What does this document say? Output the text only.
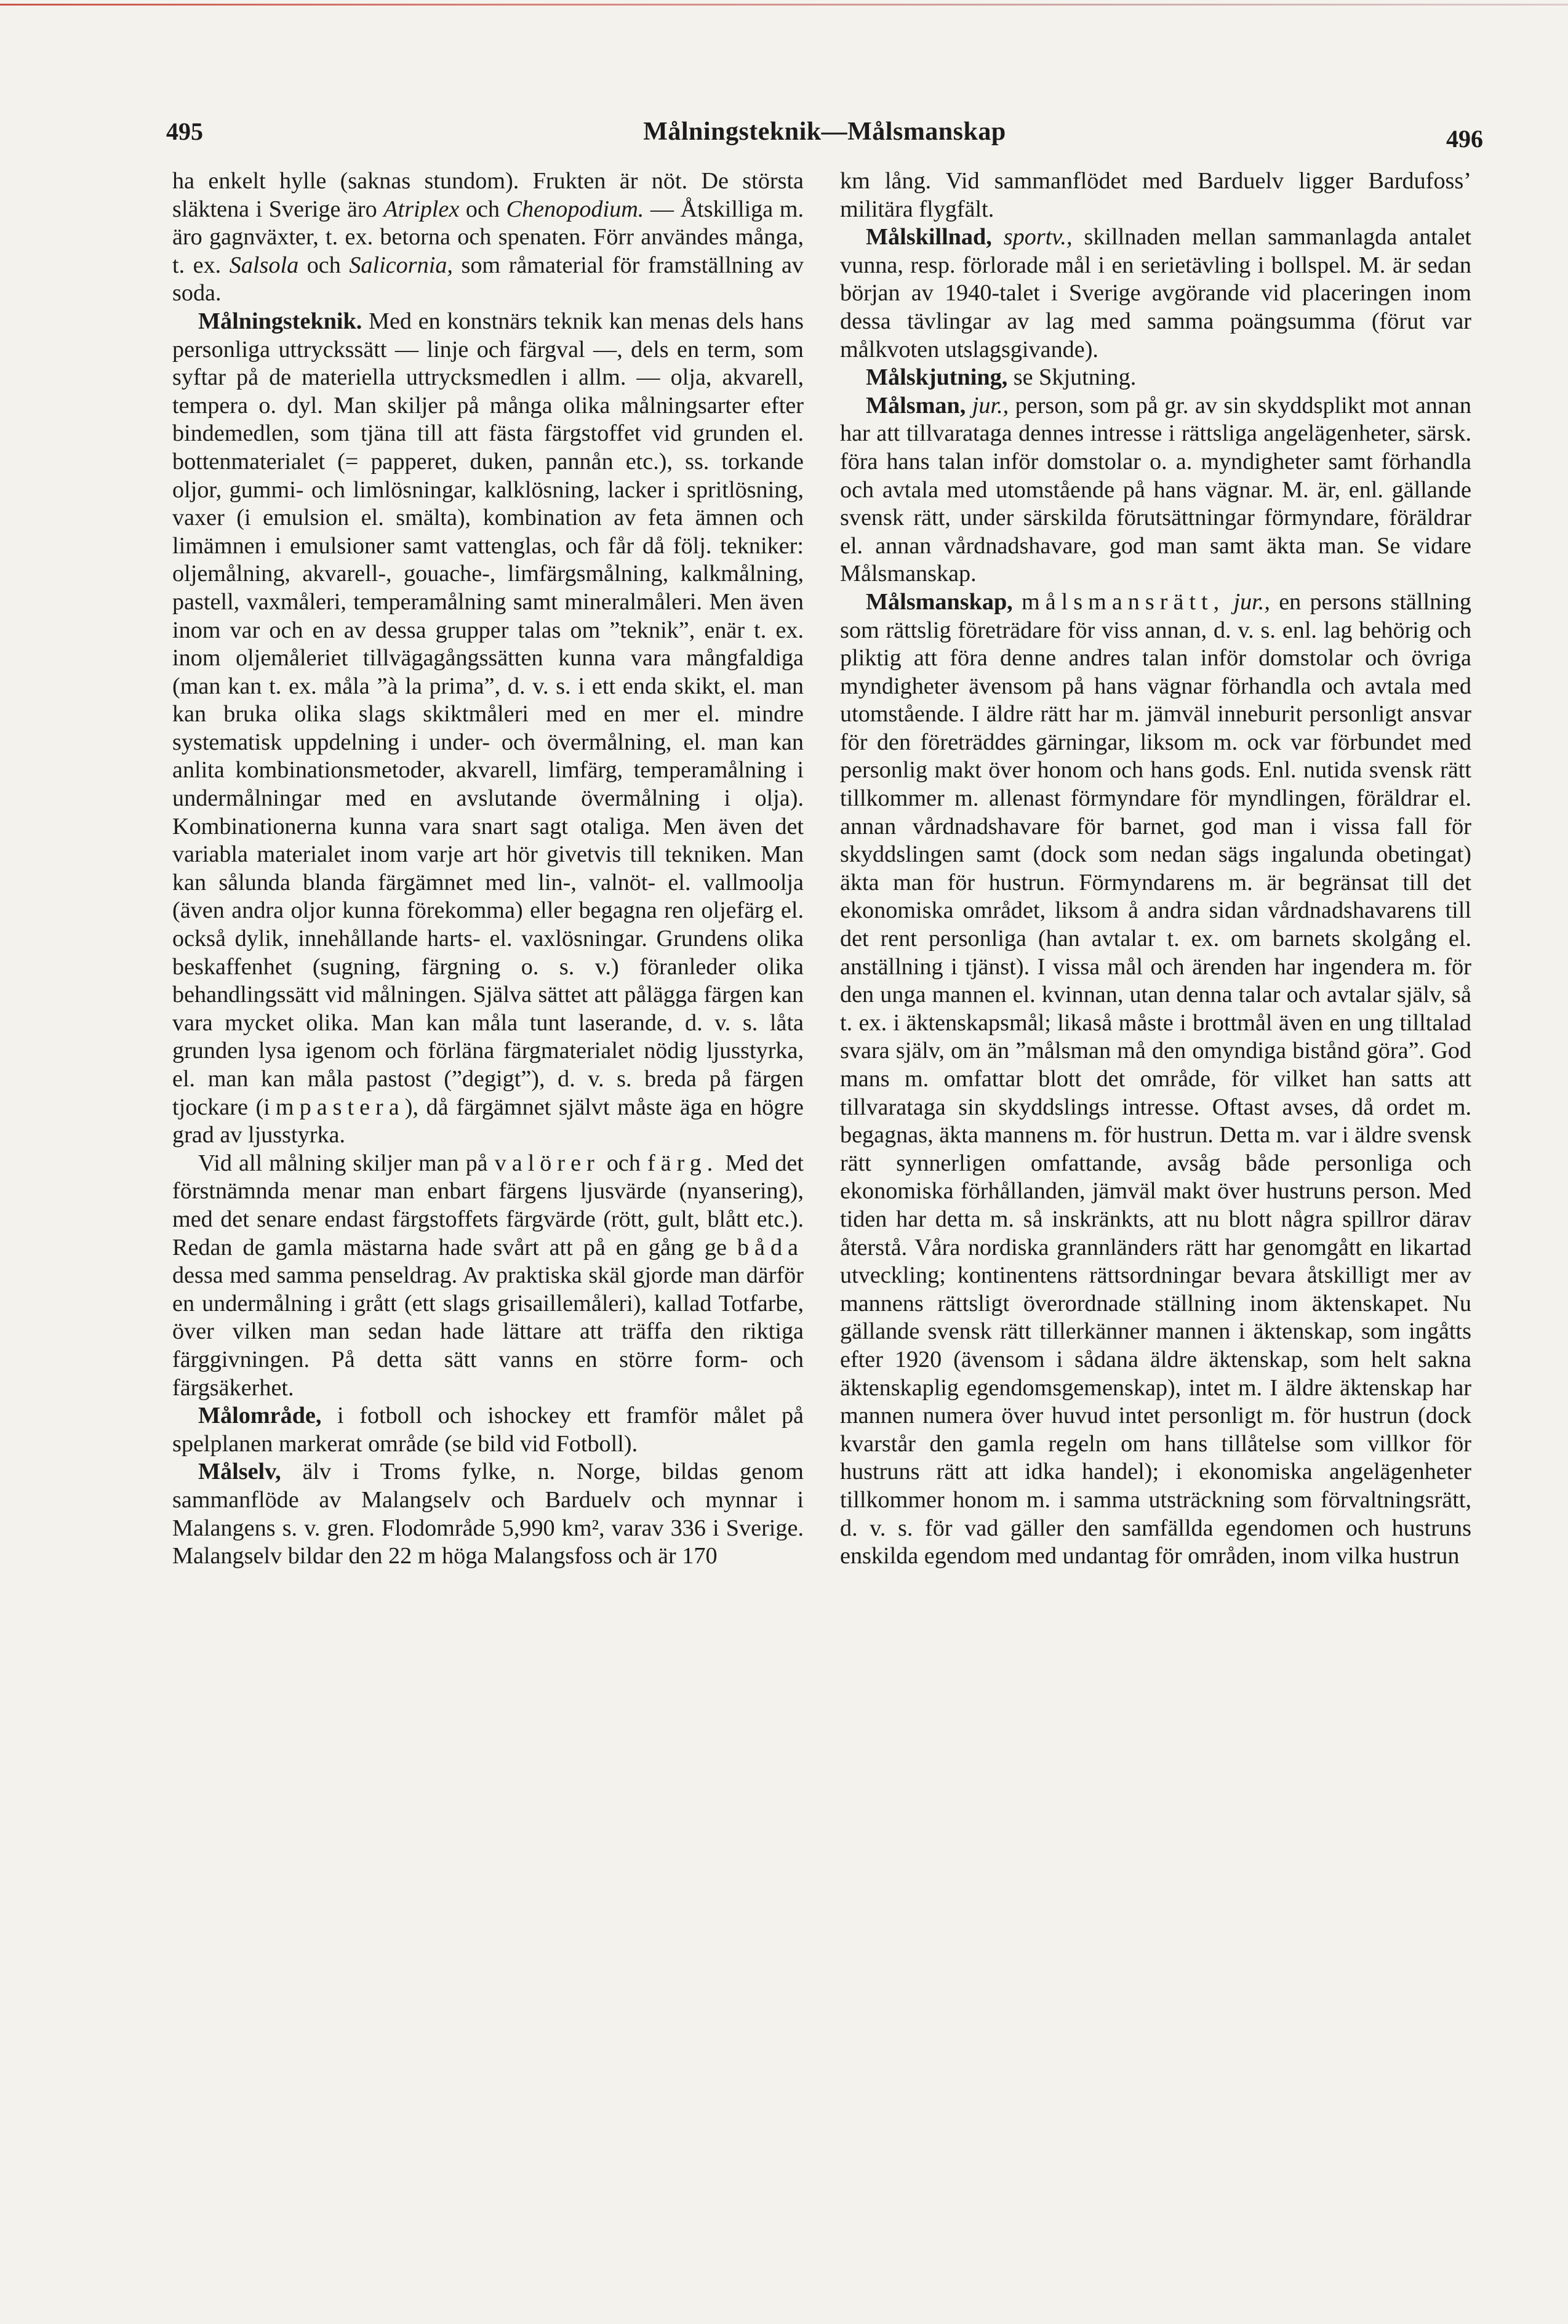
495	Målningsteknik—Målsmanskap	496

ha enkelt hylle (saknas stundom). Frukten är nöt. De största släktena i Sverige äro Atriplex och Chenopodium. — Åtskilliga m. äro gagnväxter, t. ex. betorna och spenaten. Förr användes många, t. ex. Salsola och Salicornia, som råmaterial för framställning av soda.

Målningsteknik. Med en konstnärs teknik kan menas dels hans personliga uttryckssätt — linje och färgval —, dels en term, som syftar på de materiella uttrycksmedlen i allm. — olja, akvarell, tempera o. dyl. Man skiljer på många olika målningsarter efter bindemedlen, som tjäna till att fästa färgstoffet vid grunden el. bottenmaterialet (= papperet, duken, pannån etc.), ss. torkande oljor, gummi- och limlösningar, kalklösning, lacker i spritlösning, vaxer (i emulsion el. smälta), kombination av feta ämnen och limämnen i emulsioner samt vattenglas, och får då följ. tekniker: oljemålning, akvarell-, gouache-, limfärgsmålning, kalkmålning, pastell, vaxmåleri, temperamålning samt mineralmåleri. Men även inom var och en av dessa grupper talas om ”teknik”, enär t. ex. inom oljemåleriet tillvägagångssätten kunna vara mångfaldiga (man kan t. ex. måla ”à la prima”, d. v. s. i ett enda skikt, el. man kan bruka olika slags skiktmåleri med en mer el. mindre systematisk uppdelning i under- och övermålning, el. man kan anlita kombinationsmetoder, akvarell, limfärg, temperamålning i undermålningar med en avslutande övermålning i olja). Kombinationerna kunna vara snart sagt otaliga. Men även det variabla materialet inom varje art hör givetvis till tekniken. Man kan sålunda blanda färgämnet med lin-, valnöt- el. vallmoolja (även andra oljor kunna förekomma) eller begagna ren oljefärg el. också dylik, innehållande harts- el. vaxlösningar. Grundens olika beskaffenhet (sugning, färgning o. s. v.) föranleder olika behandlingssätt vid målningen. Själva sättet att pålägga färgen kan vara mycket olika. Man kan måla tunt laserande, d. v. s. låta grunden lysa igenom och förläna färgmaterialet nödig ljusstyrka, el. man kan måla pastost (”degigt”), d. v. s. breda på färgen tjockare (impastera), då färgämnet självt måste äga en högre grad av ljusstyrka.

Vid all målning skiljer man på valörer och färg. Med det förstnämnda menar man enbart färgens ljusvärde (nyansering), med det senare endast färgstoffets färgvärde (rött, gult, blått etc.). Redan de gamla mästarna hade svårt att på en gång ge båda dessa med samma penseldrag. Av praktiska skäl gjorde man därför en undermålning i grått (ett slags grisaillemåleri), kallad Totfarbe, över vilken man sedan hade lättare att träffa den riktiga färggivningen. På detta sätt vanns en större form- och färgsäkerhet.

Målområde, i fotboll och ishockey ett framför målet på spelplanen markerat område (se bild vid Fotboll).

Målselv, älv i Troms fylke, n. Norge, bildas genom sammanflöde av Malangselv och Barduelv och mynnar i Malangens s. v. gren. Flodområde 5,990 km², varav 336 i Sverige. Malangselv bildar den 22 m höga Malangsfoss och är 170

km lång. Vid sammanflödet med Barduelv ligger Bardufoss’ militära flygfält.

Målskillnad, sportv., skillnaden mellan sammanlagda antalet vunna, resp. förlorade mål i en serietävling i bollspel. M. är sedan början av 1940-talet i Sverige avgörande vid placeringen inom dessa tävlingar av lag med samma poängsumma (förut var målkvoten utslagsgivande).

Målskjutning, se Skjutning.

Målsman, jur., person, som på gr. av sin skyddsplikt mot annan har att tillvarataga dennes intresse i rättsliga angelägenheter, särsk. föra hans talan inför domstolar o. a. myndigheter samt förhandla och avtala med utomstående på hans vägnar. M. är, enl. gällande svensk rätt, under särskilda förutsättningar förmyndare, föräldrar el. annan vårdnadshavare, god man samt äkta man. Se vidare Målsmanskap.

Målsmanskap, målsmansrätt, jur., en persons ställning som rättslig företrädare för viss annan, d. v. s. enl. lag behörig och pliktig att föra denne andres talan inför domstolar och övriga myndigheter ävensom på hans vägnar förhandla och avtala med utomstående. I äldre rätt har m. jämväl inneburit personligt ansvar för den företräddes gärningar, liksom m. ock var förbundet med personlig makt över honom och hans gods. Enl. nutida svensk rätt tillkommer m. allenast förmyndare för myndlingen, föräldrar el. annan vårdnadshavare för barnet, god man i vissa fall för skyddslingen samt (dock som nedan sägs ingalunda obetingat) äkta man för hustrun. Förmyndarens m. är begränsat till det ekonomiska området, liksom å andra sidan vårdnadshavarens till det rent personliga (han avtalar t. ex. om barnets skolgång el. anställning i tjänst). I vissa mål och ärenden har ingendera m. för den unga mannen el. kvinnan, utan denna talar och avtalar själv, så t. ex. i äktenskapsmål; likaså måste i brottmål även en ung tilltalad svara själv, om än ”målsman må den omyndiga bistånd göra”. God mans m. omfattar blott det område, för vilket han satts att tillvarataga sin skyddslings intresse. Oftast avses, då ordet m. begagnas, äkta mannens m. för hustrun. Detta m. var i äldre svensk rätt synnerligen omfattande, avsåg både personliga och ekonomiska förhållanden, jämväl makt över hustruns person. Med tiden har detta m. så inskränkts, att nu blott några spillror därav återstå. Våra nordiska grannländers rätt har genomgått en likartad utveckling; kontinentens rättsordningar bevara åtskilligt mer av mannens rättsligt överordnade ställning inom äktenskapet. Nu gällande svensk rätt tillerkänner mannen i äktenskap, som ingåtts efter 1920 (ävensom i sådana äldre äktenskap, som helt sakna äktenskaplig egendomsgemenskap), intet m. I äldre äktenskap har mannen numera över huvud intet personligt m. för hustrun (dock kvarstår den gamla regeln om hans tillåtelse som villkor för hustruns rätt att idka handel); i ekonomiska angelägenheter tillkommer honom m. i samma utsträckning som förvaltningsrätt, d. v. s. för vad gäller den samfällda egendomen och hustruns enskilda egendom med undantag för områden, inom vilka hustrun
